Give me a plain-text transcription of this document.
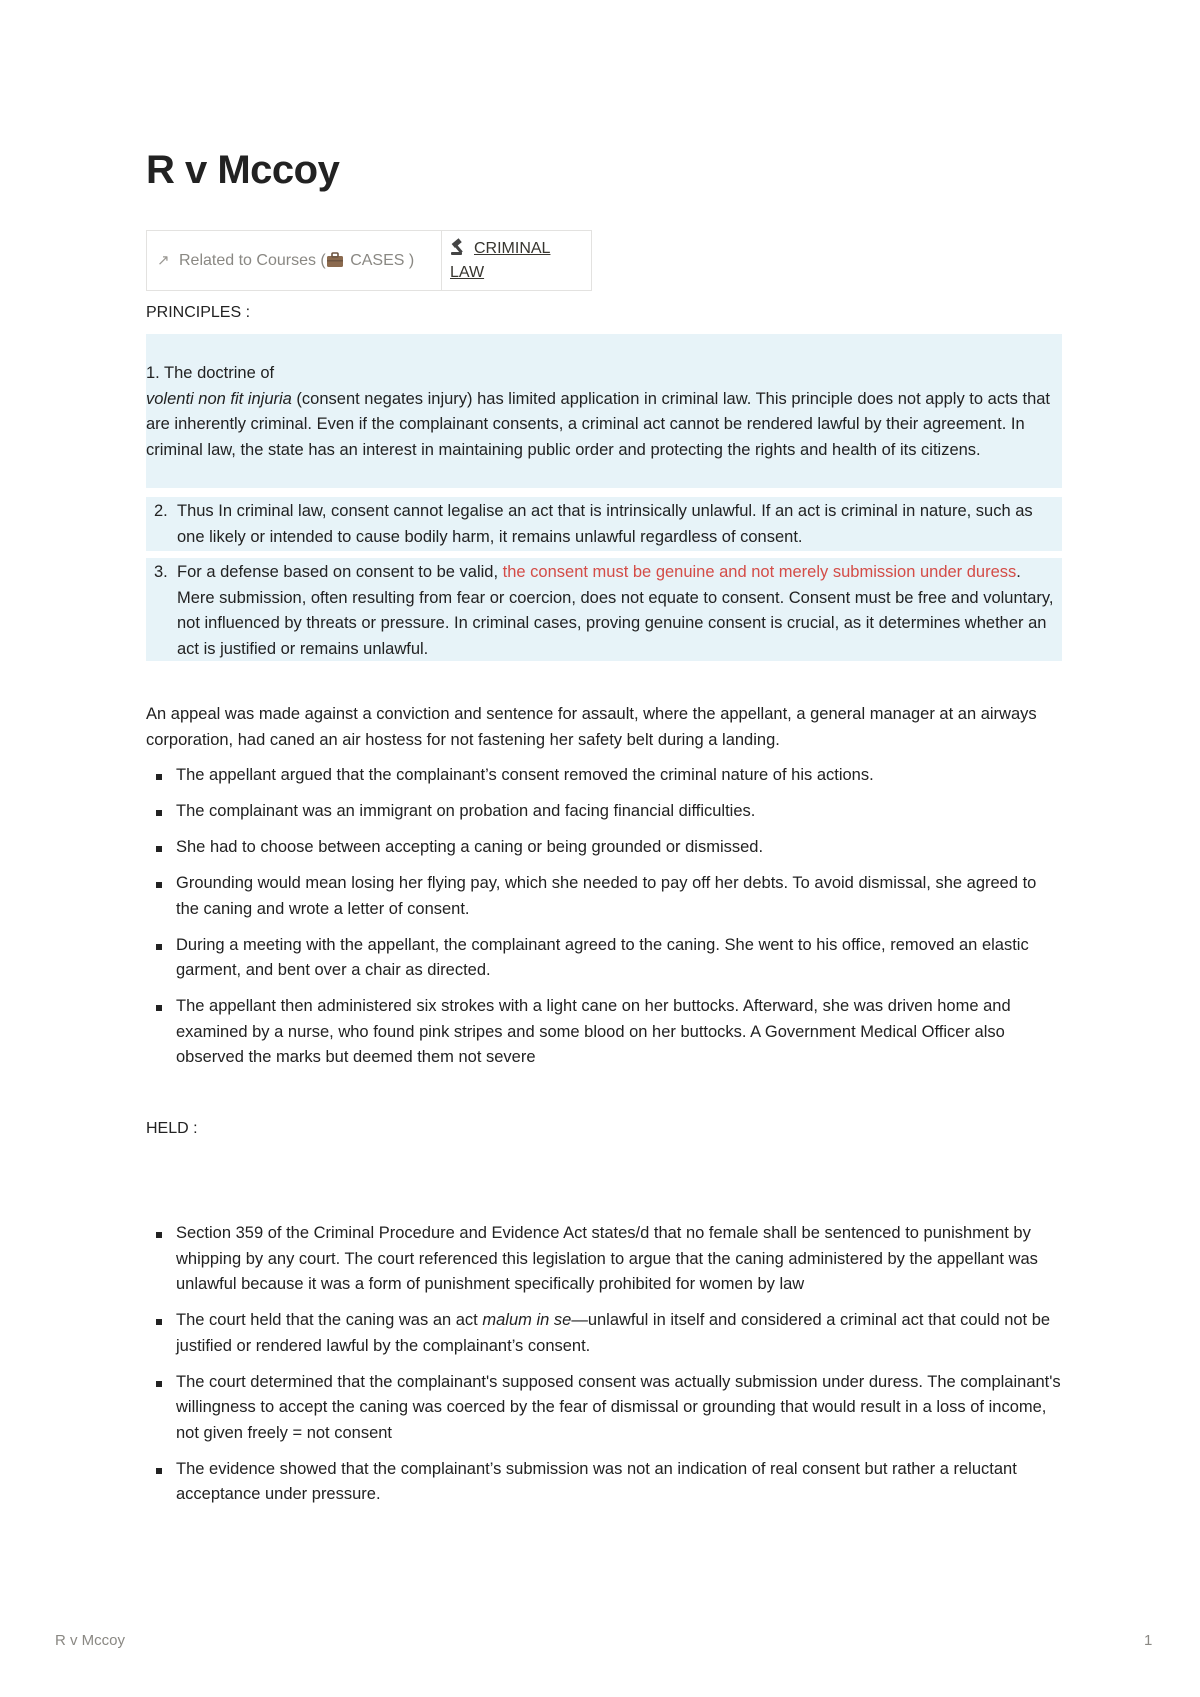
R v Mccoy
↗ Related to Courses ( CASES )	CRIMINAL
LAW
PRINCIPLES :
1. The doctrine of
volenti non fit injuria (consent negates injury) has limited application in criminal law. This principle does not apply to acts that are inherently criminal. Even if the complainant consents, a criminal act cannot be rendered lawful by their agreement. In criminal law, the state has an interest in maintaining public order and protecting the rights and health of its citizens.
2. Thus In criminal law, consent cannot legalise an act that is intrinsically unlawful. If an act is criminal in nature, such as one likely or intended to cause bodily harm, it remains unlawful regardless of consent.
3. For a defense based on consent to be valid, the consent must be genuine and not merely submission under duress. Mere submission, often resulting from fear or coercion, does not equate to consent. Consent must be free and voluntary, not influenced by threats or pressure. In criminal cases, proving genuine consent is crucial, as it determines whether an act is justified or remains unlawful.
An appeal was made against a conviction and sentence for assault, where the appellant, a general manager at an airways corporation, had caned an air hostess for not fastening her safety belt during a landing.
The appellant argued that the complainant’s consent removed the criminal nature of his actions.
The complainant was an immigrant on probation and facing financial difficulties.
She had to choose between accepting a caning or being grounded or dismissed.
Grounding would mean losing her flying pay, which she needed to pay off her debts. To avoid dismissal, she agreed to the caning and wrote a letter of consent.
During a meeting with the appellant, the complainant agreed to the caning. She went to his office, removed an elastic garment, and bent over a chair as directed.
The appellant then administered six strokes with a light cane on her buttocks. Afterward, she was driven home and examined by a nurse, who found pink stripes and some blood on her buttocks. A Government Medical Officer also observed the marks but deemed them not severe
HELD :
Section 359 of the Criminal Procedure and Evidence Act states/d that no female shall be sentenced to punishment by whipping by any court. The court referenced this legislation to argue that the caning administered by the appellant was unlawful because it was a form of punishment specifically prohibited for women by law
The court held that the caning was an act malum in se—unlawful in itself and considered a criminal act that could not be justified or rendered lawful by the complainant’s consent.
The court determined that the complainant's supposed consent was actually submission under duress. The complainant's willingness to accept the caning was coerced by the fear of dismissal or grounding that would result in a loss of income, not given freely = not consent
The evidence showed that the complainant’s submission was not an indication of real consent but rather a reluctant acceptance under pressure.
R v Mccoy	1
